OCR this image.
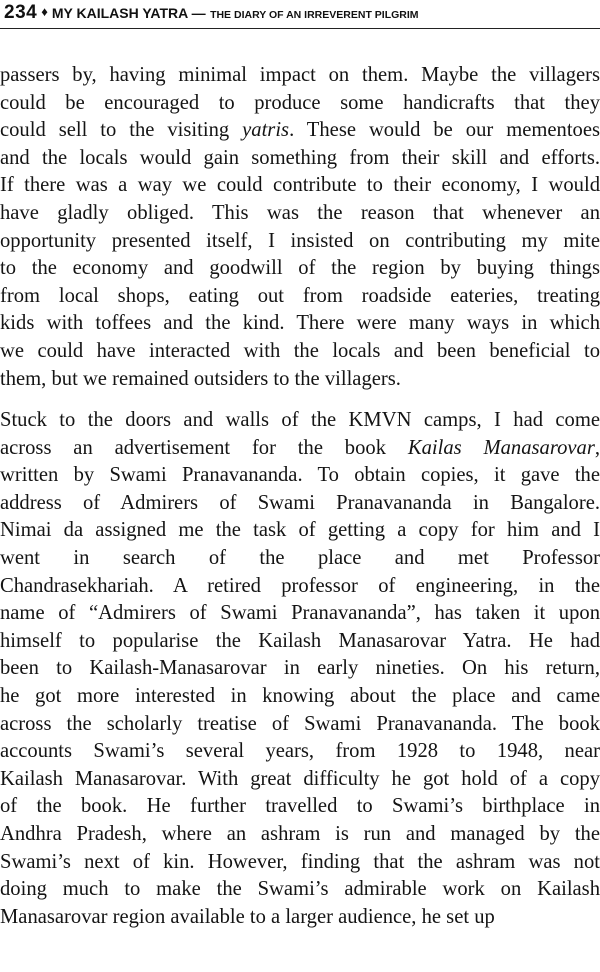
234 ♦ MY KAILASH YATRA — THE DIARY OF AN IRREVERENT PILGRIM
passers by, having minimal impact on them. Maybe the villagers
could be encouraged to produce some handicrafts that they
could sell to the visiting yatris. These would be our mementoes
and the locals would gain something from their skill and efforts.
If there was a way we could contribute to their economy, I would
have gladly obliged. This was the reason that whenever an
opportunity presented itself, I insisted on contributing my mite
to the economy and goodwill of the region by buying things
from local shops, eating out from roadside eateries, treating
kids with toffees and the kind. There were many ways in which
we could have interacted with the locals and been beneficial to
them, but we remained outsiders to the villagers.
Stuck to the doors and walls of the KMVN camps, I had come
across an advertisement for the book Kailas Manasarovar,
written by Swami Pranavananda. To obtain copies, it gave the
address of Admirers of Swami Pranavananda in Bangalore.
Nimai da assigned me the task of getting a copy for him and I
went in search of the place and met Professor
Chandrasekhariah. A retired professor of engineering, in the
name of “Admirers of Swami Pranavananda”, has taken it upon
himself to popularise the Kailash Manasarovar Yatra. He had
been to Kailash-Manasarovar in early nineties. On his return,
he got more interested in knowing about the place and came
across the scholarly treatise of Swami Pranavananda. The book
accounts Swami’s several years, from 1928 to 1948, near
Kailash Manasarovar. With great difficulty he got hold of a copy
of the book. He further travelled to Swami’s birthplace in
Andhra Pradesh, where an ashram is run and managed by the
Swami’s next of kin. However, finding that the ashram was not
doing much to make the Swami’s admirable work on Kailash
Manasarovar region available to a larger audience, he set up
